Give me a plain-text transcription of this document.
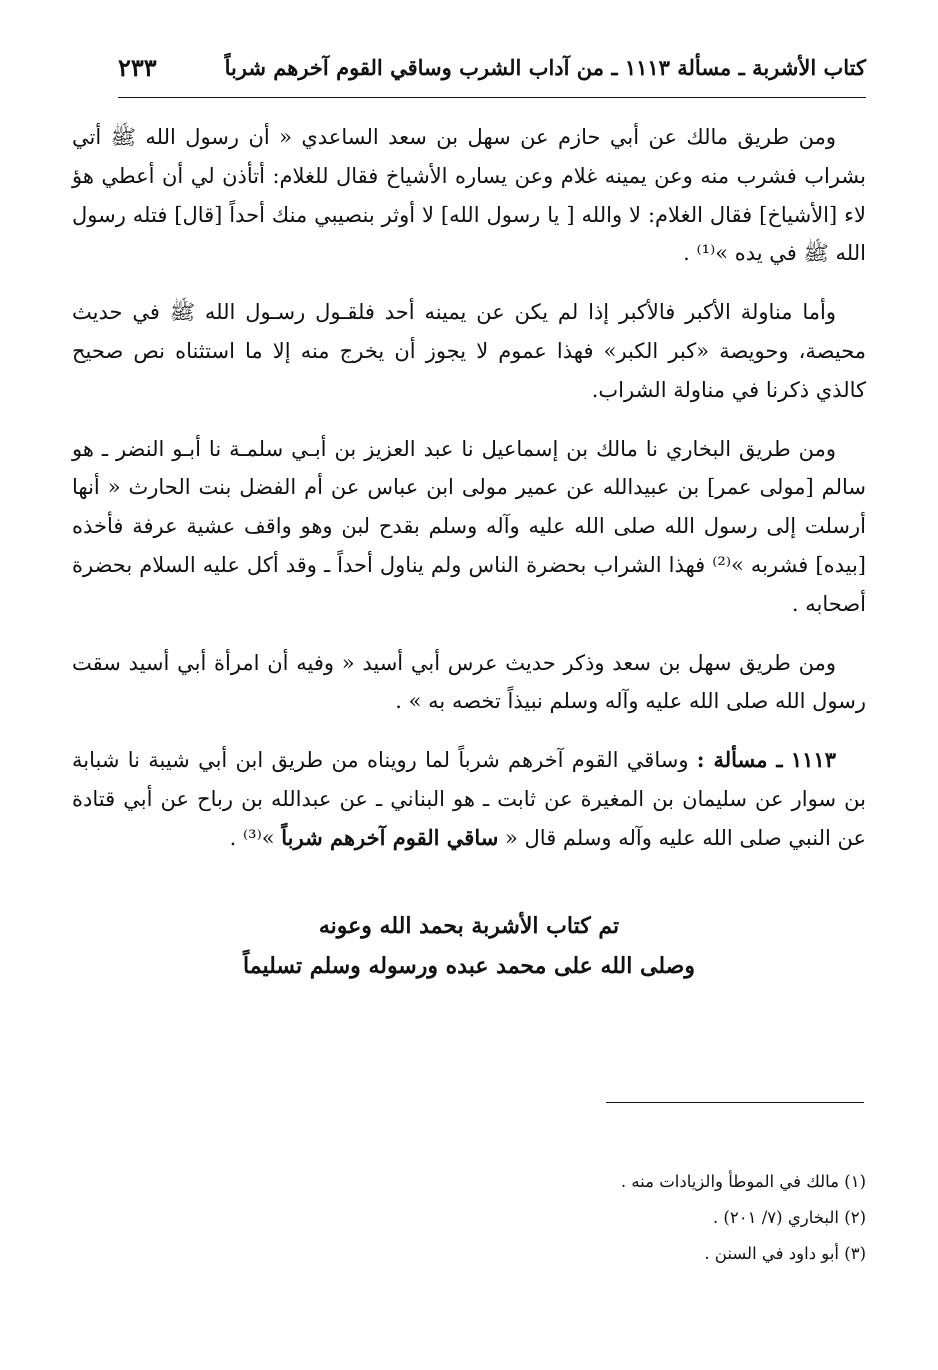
٢٣٣	كتاب الأشربة ـ مسألة ١١١٣ ـ من آداب الشرب وساقي القوم آخرهم شرباً

ومن طريق مالك عن أبي حازم عن سهل بن سعد الساعدي « أن رسول الله ﷺ أتي بشراب فشرب منه وعن يمينه غلام وعن يساره الأشياخ فقال للغلام: أتأذن لي أن أعطي هؤ لاء [الأشياخ] فقال الغلام: لا والله [ يا رسول الله] لا أوثر بنصيبي منك أحداً [قال] فتله رسول الله ﷺ في يده »⁽¹⁾ .

وأما مناولة الأكبر فالأكبر إذا لم يكن عن يمينه أحد فلقـول رسـول الله ﷺ في حديث محيصة، وحويصة «كبر الكبر» فهذا عموم لا يجوز أن يخرج منه إلا ما استثناه نص صحيح كالذي ذكرنا في مناولة الشراب.

ومن طريق البخاري نا مالك بن إسماعيل نا عبد العزيز بن أبـي سلمـة نا أبـو النضر ـ هو سالم [مولى عمر] بن عبيدالله عن عمير مولى ابن عباس عن أم الفضل بنت الحارث « أنها أرسلت إلى رسول الله صلى الله عليه وآله وسلم بقدح لبن وهو واقف عشية عرفة فأخذه [بيده] فشربه »⁽²⁾ فهذا الشراب بحضرة الناس ولم يناول أحداً ـ وقد أكل عليه السلام بحضرة أصحابه .

ومن طريق سهل بن سعد وذكر حديث عرس أبي أسيد « وفيه أن امرأة أبي أسيد سقت رسول الله صلى الله عليه وآله وسلم نبيذاً تخصه به » .

١١١٣ ـ مسألة : وساقي القوم آخرهم شرباً لما رويناه من طريق ابن أبي شيبة نا شبابة بن سوار عن سليمان بن المغيرة عن ثابت ـ هو البناني ـ عن عبدالله بن رباح عن أبي قتادة عن النبي صلى الله عليه وآله وسلم قال « ساقي القوم آخرهم شرباً »⁽³⁾ .

تم كتاب الأشربة بحمد الله وعونه
وصلى الله على محمد عبده ورسوله وسلم تسليماً
(١) مالك في الموطأ والزيادات منه .
(٢) البخاري (٧/ ٢٠١) .
(٣) أبو داود في السنن .
